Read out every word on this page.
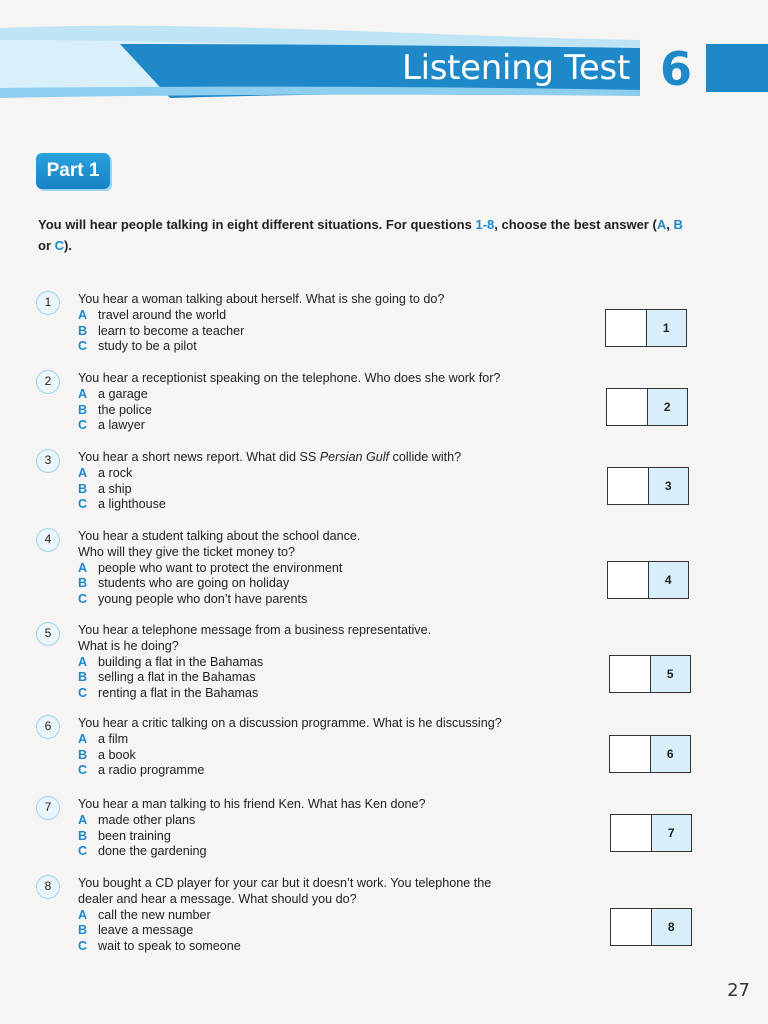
Listening Test 6
Part 1
You will hear people talking in eight different situations. For questions 1-8, choose the best answer (A, B or C).
1	You hear a woman talking about herself. What is she going to do?

A travel around the world

B learn to become a teacher

C study to be a pilot

1
2	You hear a receptionist speaking on the telephone. Who does she work for?

A a garage

B the police

C a lawyer

2
3	You hear a short news report. What did SS Persian Gulf collide with?

A a rock

B a ship

C a lighthouse

3
4	You hear a student talking about the school dance.

Who will they give the ticket money to?

A people who want to protect the environment

B students who are going on holiday

C young people who don’t have parents

4
5	You hear a telephone message from a business representative.

What is he doing?

A building a flat in the Bahamas

B selling a flat in the Bahamas

C renting a flat in the Bahamas

5
6	You hear a critic talking on a discussion programme. What is he discussing?

A a film

B a book

C a radio programme

6
7	You hear a man talking to his friend Ken. What has Ken done?

A made other plans

B been training

C done the gardening

7
8	You bought a CD player for your car but it doesn’t work. You telephone the

dealer and hear a message. What should you do?

A call the new number

B leave a message

C wait to speak to someone

8
27
